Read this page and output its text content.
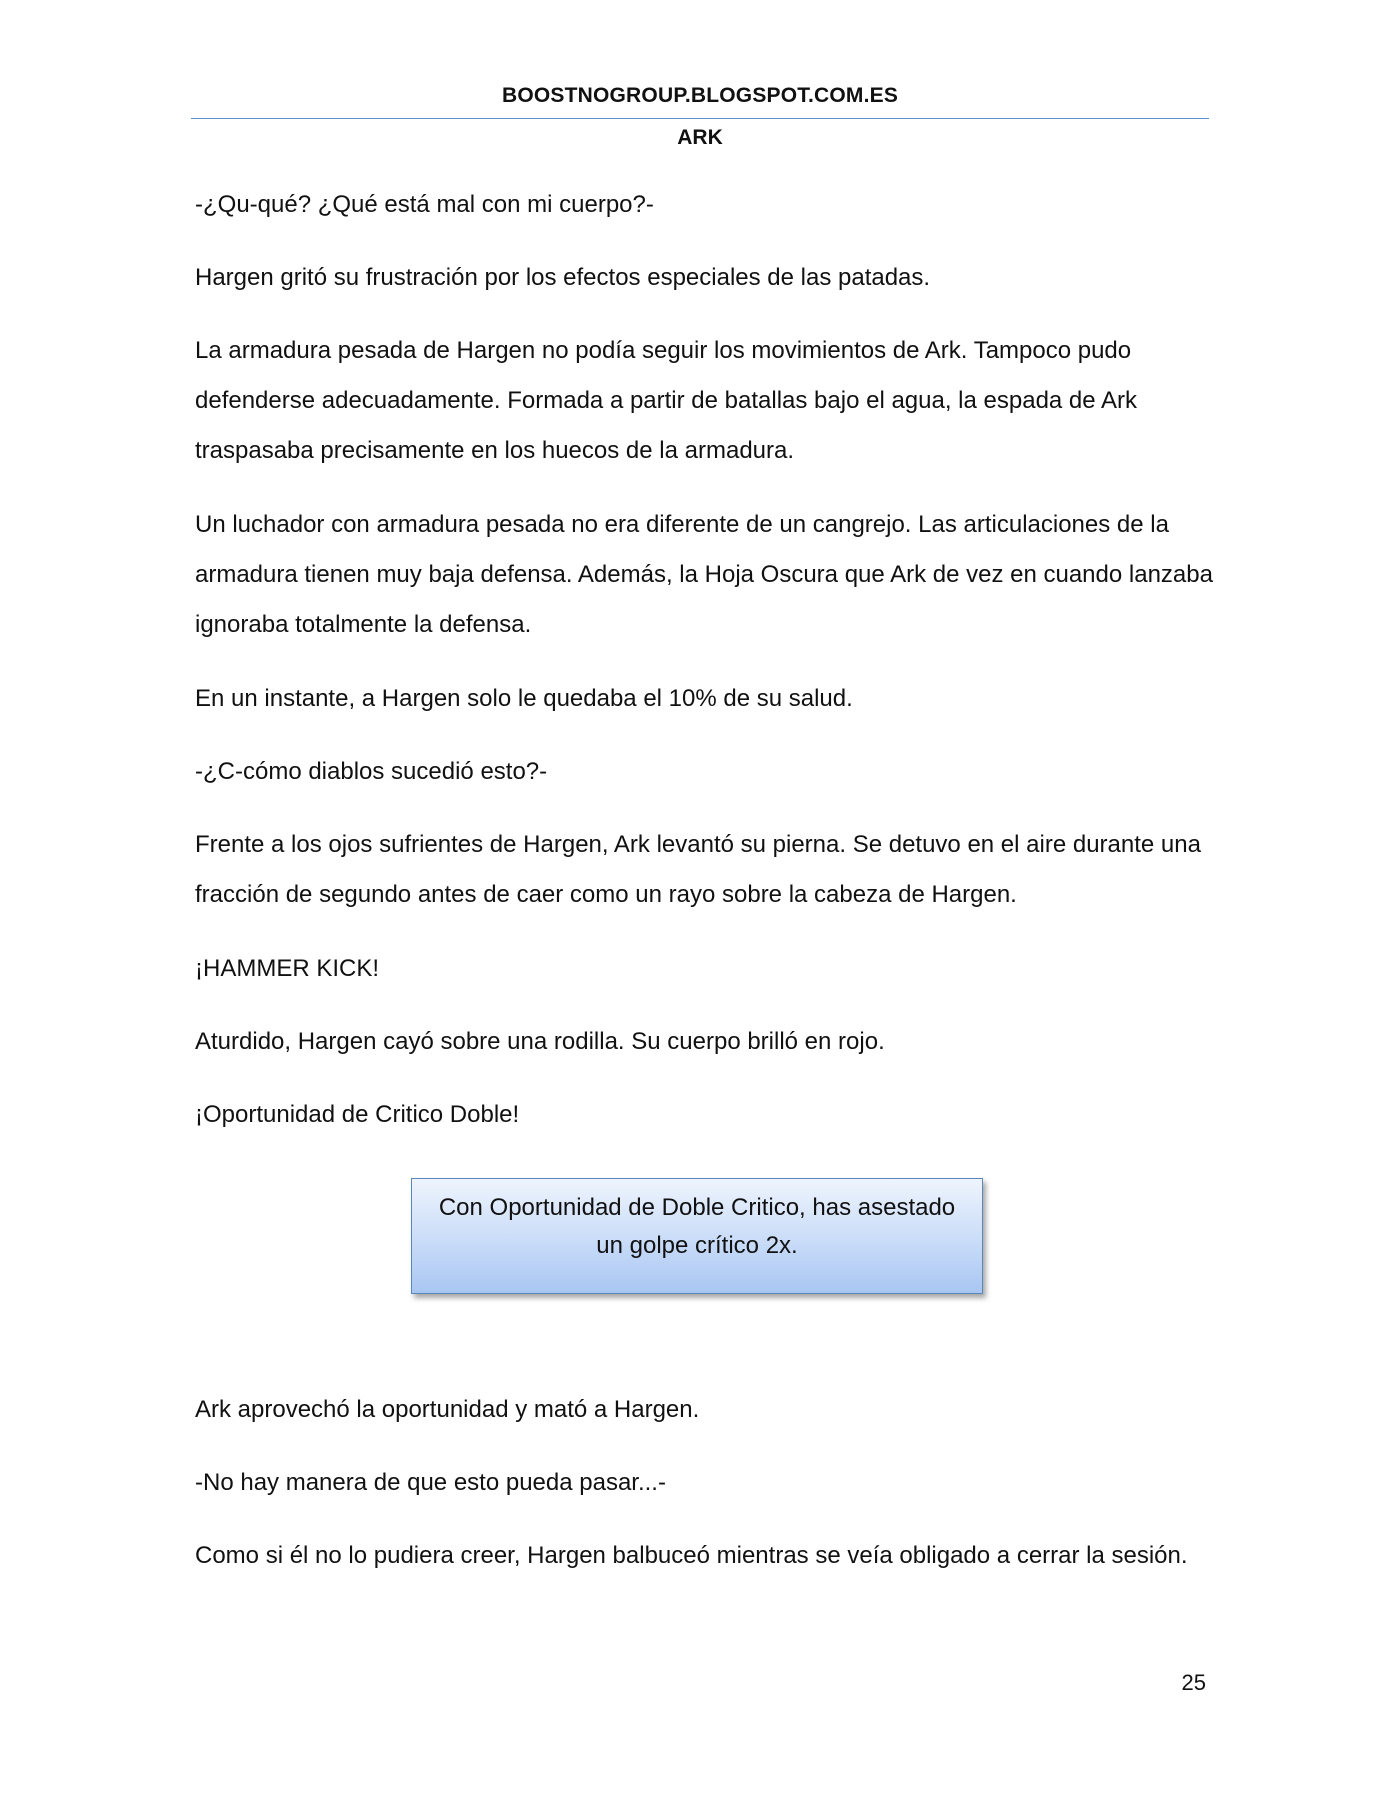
BOOSTNOGROUP.BLOGSPOT.COM.ES
ARK

-¿Qu-qué? ¿Qué está mal con mi cuerpo?-

Hargen gritó su frustración por los efectos especiales de las patadas.

La armadura pesada de Hargen no podía seguir los movimientos de Ark. Tampoco pudo defenderse adecuadamente. Formada a partir de batallas bajo el agua, la espada de Ark traspasaba precisamente en los huecos de la armadura.

Un luchador con armadura pesada no era diferente de un cangrejo. Las articulaciones de la armadura tienen muy baja defensa. Además, la Hoja Oscura que Ark de vez en cuando lanzaba ignoraba totalmente la defensa.

En un instante, a Hargen solo le quedaba el 10% de su salud.

-¿C-cómo diablos sucedió esto?-

Frente a los ojos sufrientes de Hargen, Ark levantó su pierna. Se detuvo en el aire durante una fracción de segundo antes de caer como un rayo sobre la cabeza de Hargen.

¡HAMMER KICK!

Aturdido, Hargen cayó sobre una rodilla. Su cuerpo brilló en rojo.

¡Oportunidad de Critico Doble!

Con Oportunidad de Doble Critico, has asestado
un golpe crítico 2x.

Ark aprovechó la oportunidad y mató a Hargen.

-No hay manera de que esto pueda pasar...-

Como si él no lo pudiera creer, Hargen balbuceó mientras se veía obligado a cerrar la sesión.

25
